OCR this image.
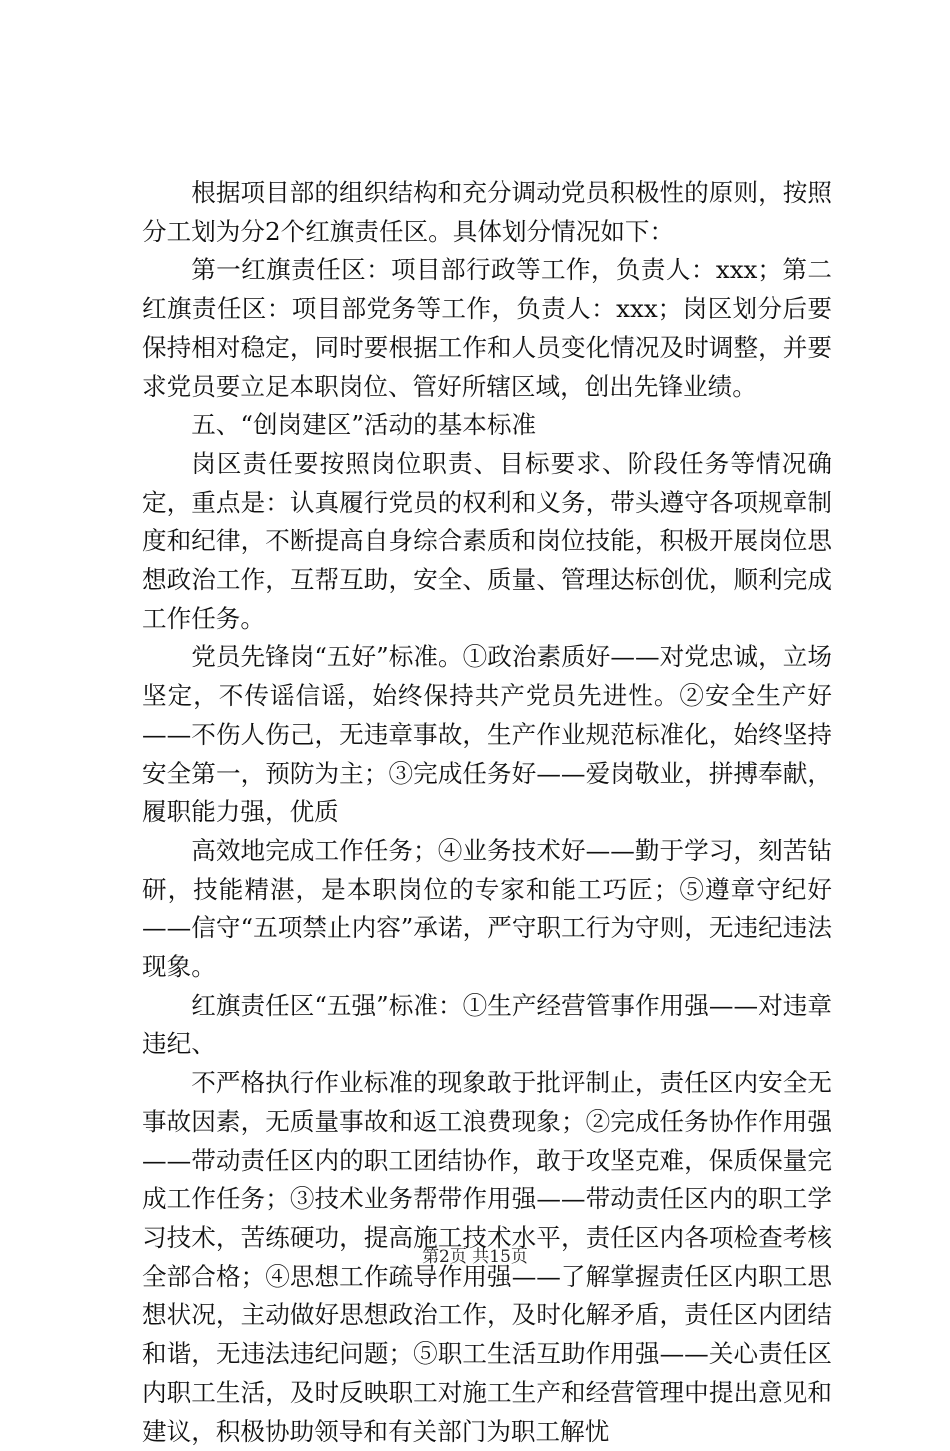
根据项目部的组织结构和充分调动党员积极性的原则，按照分工划为分2个红旗责任区。具体划分情况如下：

第一红旗责任区：项目部行政等工作，负责人：xxx；第二红旗责任区：项目部党务等工作，负责人：xxx；岗区划分后要保持相对稳定，同时要根据工作和人员变化情况及时调整，并要求党员要立足本职岗位、管好所辖区域，创出先锋业绩。

五、“创岗建区”活动的基本标准

岗区责任要按照岗位职责、目标要求、阶段任务等情况确定，重点是：认真履行党员的权利和义务，带头遵守各项规章制度和纪律，不断提高自身综合素质和岗位技能，积极开展岗位思想政治工作，互帮互助，安全、质量、管理达标创优，顺利完成工作任务。

党员先锋岗“五好”标准。①政治素质好——对党忠诚，立场坚定，不传谣信谣，始终保持共产党员先进性。②安全生产好——不伤人伤己，无违章事故，生产作业规范标准化，始终坚持安全第一，预防为主；③完成任务好——爱岗敬业，拼搏奉献，履职能力强，优质

高效地完成工作任务；④业务技术好——勤于学习，刻苦钻研，技能精湛，是本职岗位的专家和能工巧匠；⑤遵章守纪好——信守“五项禁止内容”承诺，严守职工行为守则，无违纪违法现象。

红旗责任区“五强”标准：①生产经营管事作用强——对违章违纪、

不严格执行作业标准的现象敢于批评制止，责任区内安全无事故因素，无质量事故和返工浪费现象；②完成任务协作作用强——带动责任区内的职工团结协作，敢于攻坚克难，保质保量完成工作任务；③技术业务帮带作用强——带动责任区内的职工学习技术，苦练硬功，提高施工技术水平，责任区内各项检查考核全部合格；④思想工作疏导作用强——了解掌握责任区内职工思想状况，主动做好思想政治工作，及时化解矛盾，责任区内团结和谐，无违法违纪问题；⑤职工生活互助作用强——关心责任区内职工生活，及时反映职工对施工生产和经营管理中提出意见和建议，积极协助领导和有关部门为职工解忧

第2页 共15页
